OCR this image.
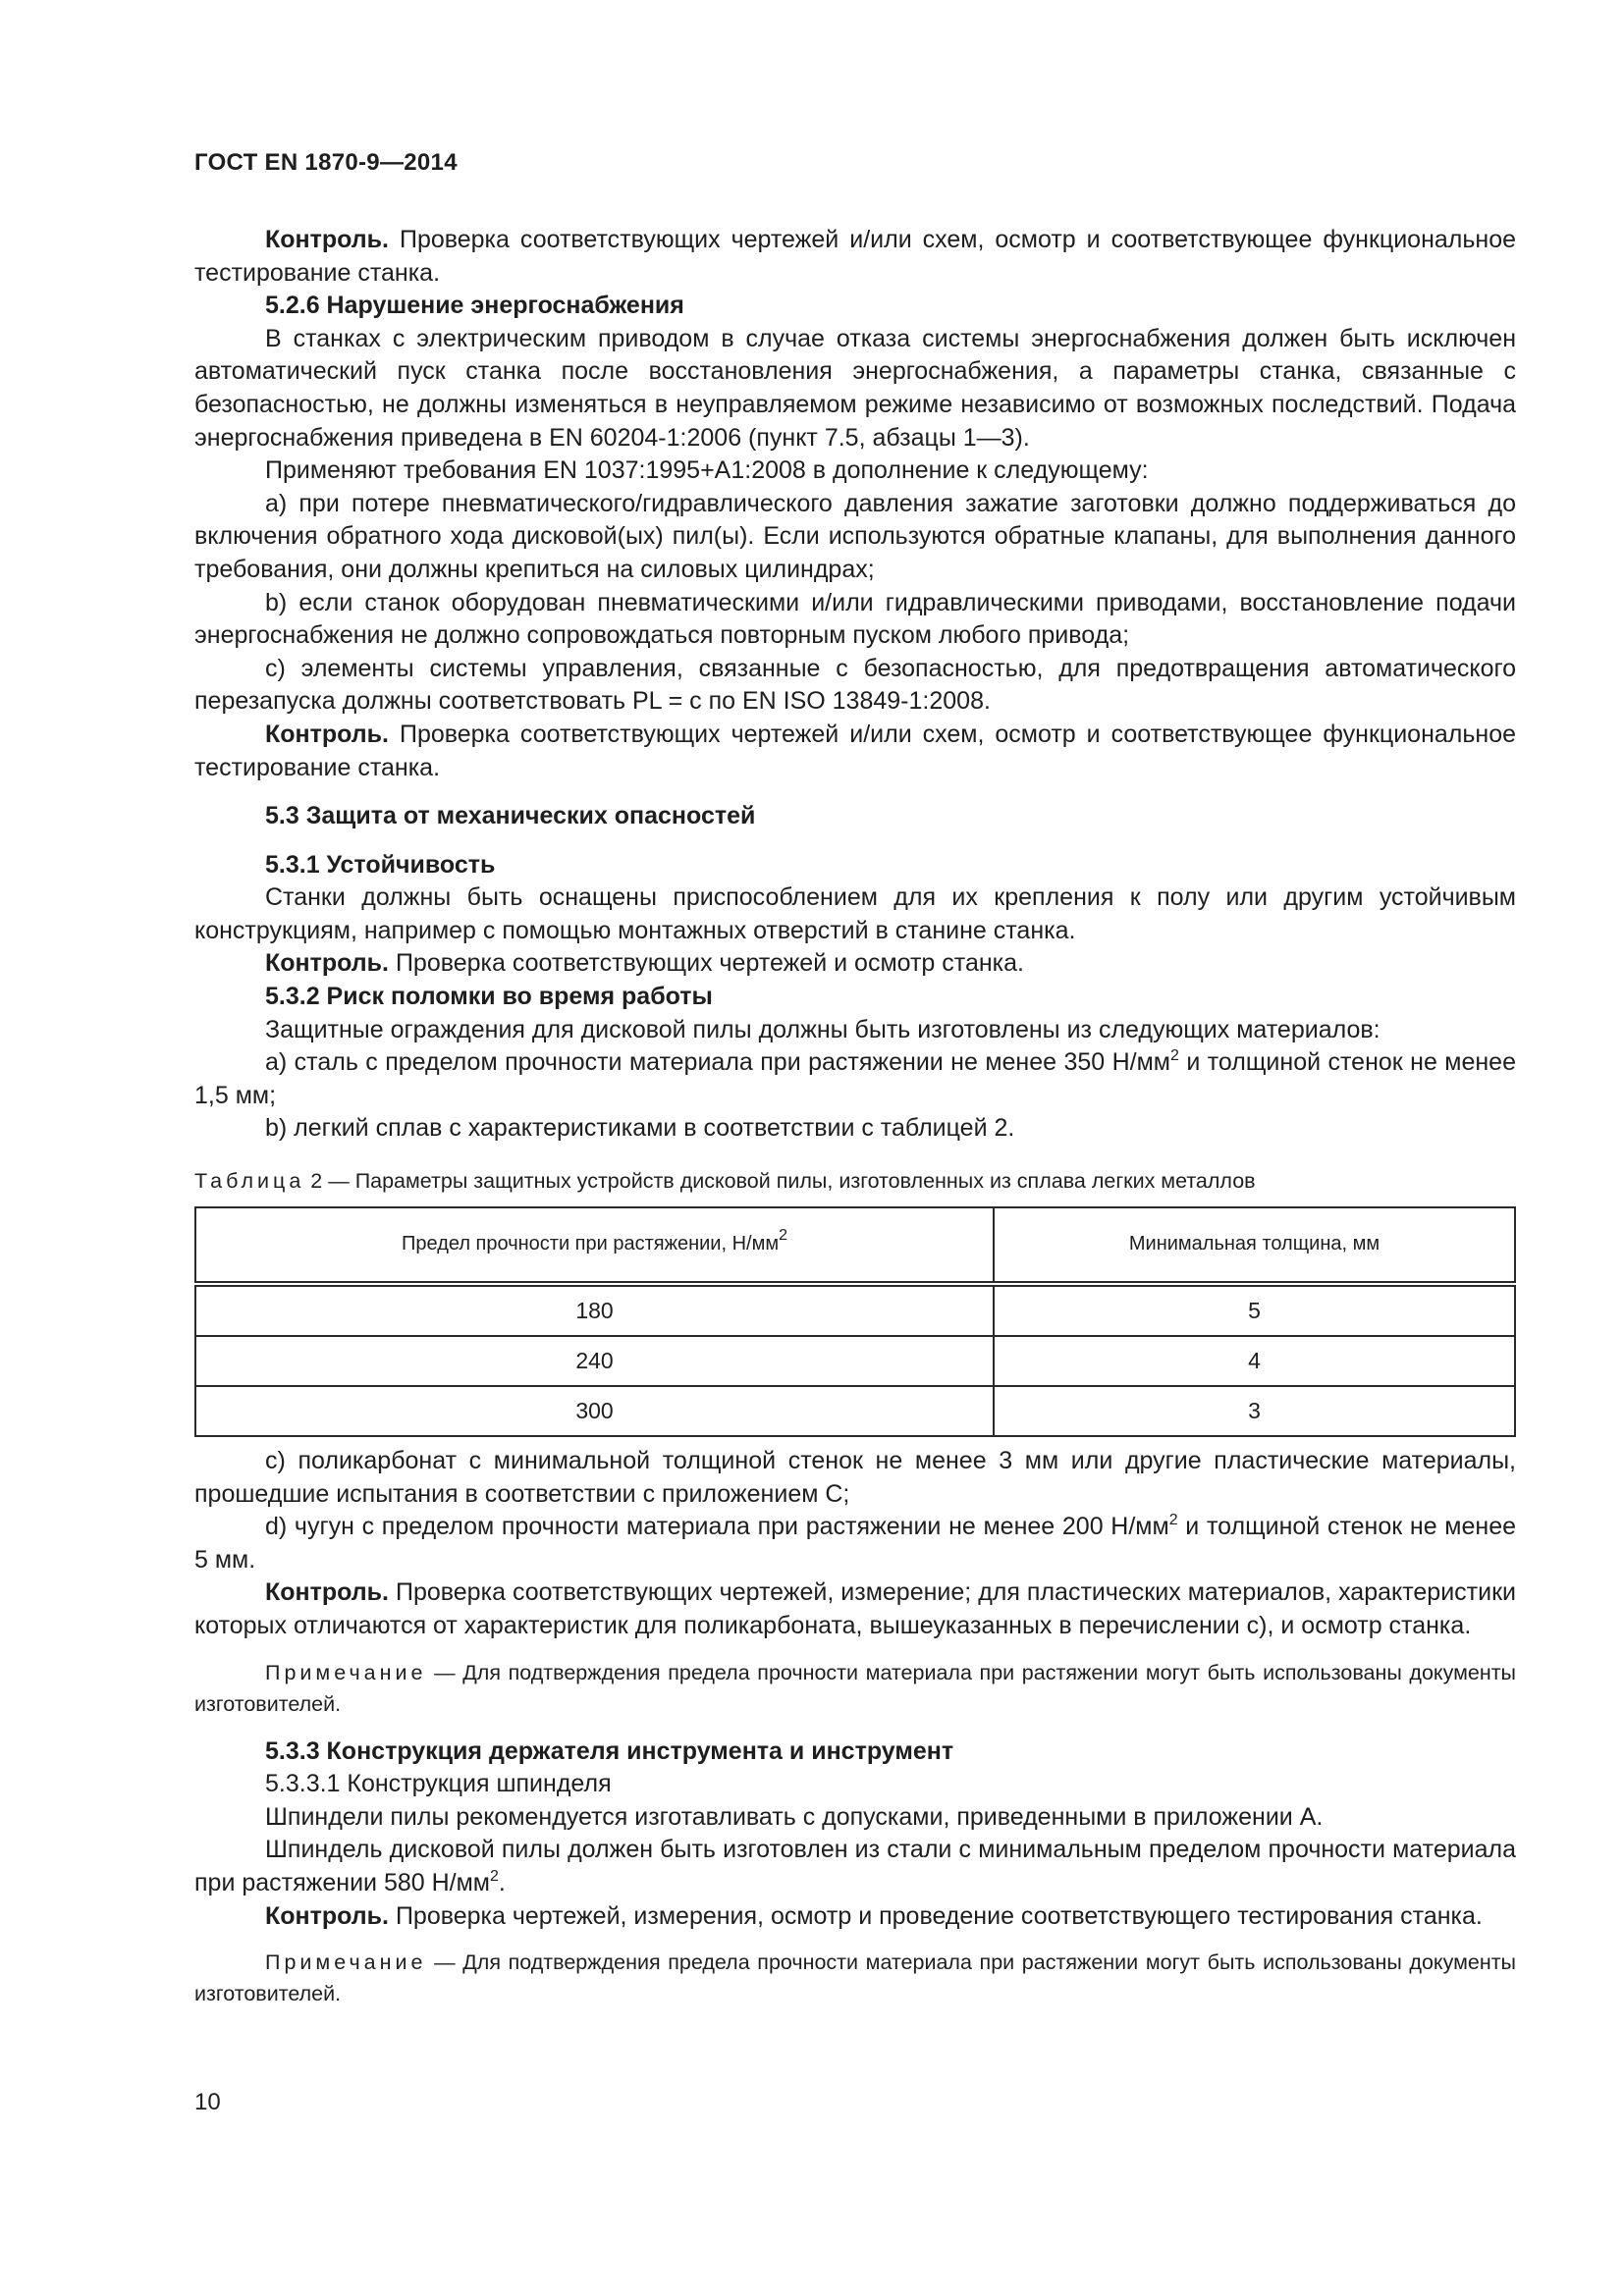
ГОСТ EN 1870-9—2014

Контроль. Проверка соответствующих чертежей и/или схем, осмотр и соответствующее функциональное тестирование станка.

5.2.6 Нарушение энергоснабжения

В станках с электрическим приводом в случае отказа системы энергоснабжения должен быть исключен автоматический пуск станка после восстановления энергоснабжения, а параметры станка, связанные с безопасностью, не должны изменяться в неуправляемом режиме независимо от возможных последствий. Подача энергоснабжения приведена в EN 60204-1:2006 (пункт 7.5, абзацы 1—3).

Применяют требования EN 1037:1995+A1:2008 в дополнение к следующему:

a) при потере пневматического/гидравлического давления зажатие заготовки должно поддерживаться до включения обратного хода дисковой(ых) пил(ы). Если используются обратные клапаны, для выполнения данного требования, они должны крепиться на силовых цилиндрах;

b) если станок оборудован пневматическими и/или гидравлическими приводами, восстановление подачи энергоснабжения не должно сопровождаться повторным пуском любого привода;

c) элементы системы управления, связанные с безопасностью, для предотвращения автоматического перезапуска должны соответствовать PL = c по EN ISO 13849-1:2008.

Контроль. Проверка соответствующих чертежей и/или схем, осмотр и соответствующее функциональное тестирование станка.

5.3 Защита от механических опасностей

5.3.1 Устойчивость

Станки должны быть оснащены приспособлением для их крепления к полу или другим устойчивым конструкциям, например с помощью монтажных отверстий в станине станка.

Контроль. Проверка соответствующих чертежей и осмотр станка.

5.3.2 Риск поломки во время работы

Защитные ограждения для дисковой пилы должны быть изготовлены из следующих материалов:

a) сталь с пределом прочности материала при растяжении не менее 350 $Н/мм^2$ и толщиной стенок не менее 1,5 мм;

b) легкий сплав с характеристиками в соответствии с таблицей 2.

Таблица 2 — Параметры защитных устройств дисковой пилы, изготовленных из сплава легких металлов
Предел прочности при растяжении, $Н/мм^2$	Минимальная толщина, мм
180	5
240	4
300	3

c) поликарбонат с минимальной толщиной стенок не менее 3 мм или другие пластические материалы, прошедшие испытания в соответствии с приложением C;

d) чугун с пределом прочности материала при растяжении не менее 200 $Н/мм^2$ и толщиной стенок не менее 5 мм.

Контроль. Проверка соответствующих чертежей, измерение; для пластических материалов, характеристики которых отличаются от характеристик для поликарбоната, вышеуказанных в перечислении c), и осмотр станка.

Примечание — Для подтверждения предела прочности материала при растяжении могут быть использованы документы изготовителей.

5.3.3 Конструкция держателя инструмента и инструмент

5.3.3.1 Конструкция шпинделя

Шпиндели пилы рекомендуется изготавливать с допусками, приведенными в приложении A.

Шпиндель дисковой пилы должен быть изготовлен из стали с минимальным пределом прочности материала при растяжении 580 $Н/мм^2$.

Контроль. Проверка чертежей, измерения, осмотр и проведение соответствующего тестирования станка.

Примечание — Для подтверждения предела прочности материала при растяжении могут быть использованы документы изготовителей.

10
